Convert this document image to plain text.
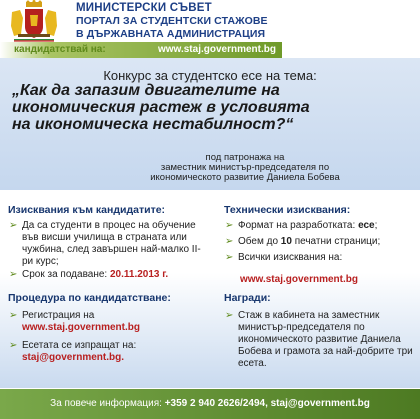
МИНИСТЕРСКИ СЪВЕТ
ПОРТАЛ ЗА СТУДЕНТСКИ СТАЖОВЕ
В ДЪРЖАВНАТА АДМИНИСТРАЦИЯ
кандидатствай на:	www.staj.government.bg
Конкурс за студентско есе на тема:
„Как да запазим двигателите на икономическия растеж в условията на икономическа нестабилност?“
под патронажа на
заместник министър-председателя по
икономическото развитие Даниела Бобева
Изисквания към кандидатите:
➢ Да са студенти в процес на обучение във висши училища в страната или чужбина, след завършен най-малко ІІ-ри курс;
➢ Срок за подаване: 20.11.2013 г.
Процедура по кандидатстване:
➢ Регистрация на
www.staj.government.bg
➢ Есетата се изпращат на:
staj@government.bg.
Технически изисквания:
➢ Формат на разработката: есе;
➢ Обем до 10 печатни страници;
➢ Всички изисквания на:
www.staj.government.bg
Награди:
➢ Стаж в кабинета на заместник министър-председателя по икономическото развитие Даниела Бобева и грамота за най-добрите три есета.
За повече информация: +359 2 940 2626/2494, staj@government.bg
